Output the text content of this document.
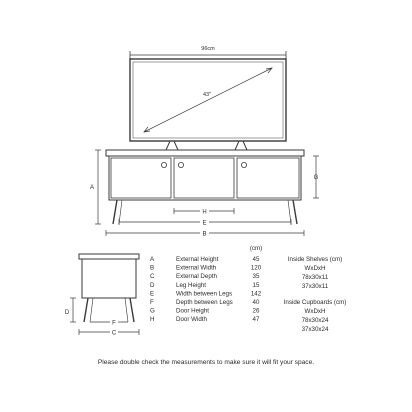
96cm
43"
A
G
H
E
B
D
F
C
(cm)
A	External Height	45
B	External Width	120
C	External Depth	35
D	Leg Height	15
E	Width between Legs	142
F	Depth between Legs	40
G	Door Height	26
H	Door Width	47
Inside Shelves (cm)
WxDxH
78x30x11
37x30x11
Inside Cupboards (cm)
WxDxH
78x30x24
37x30x24
Please double check the measurements to make sure it will fit your space.
